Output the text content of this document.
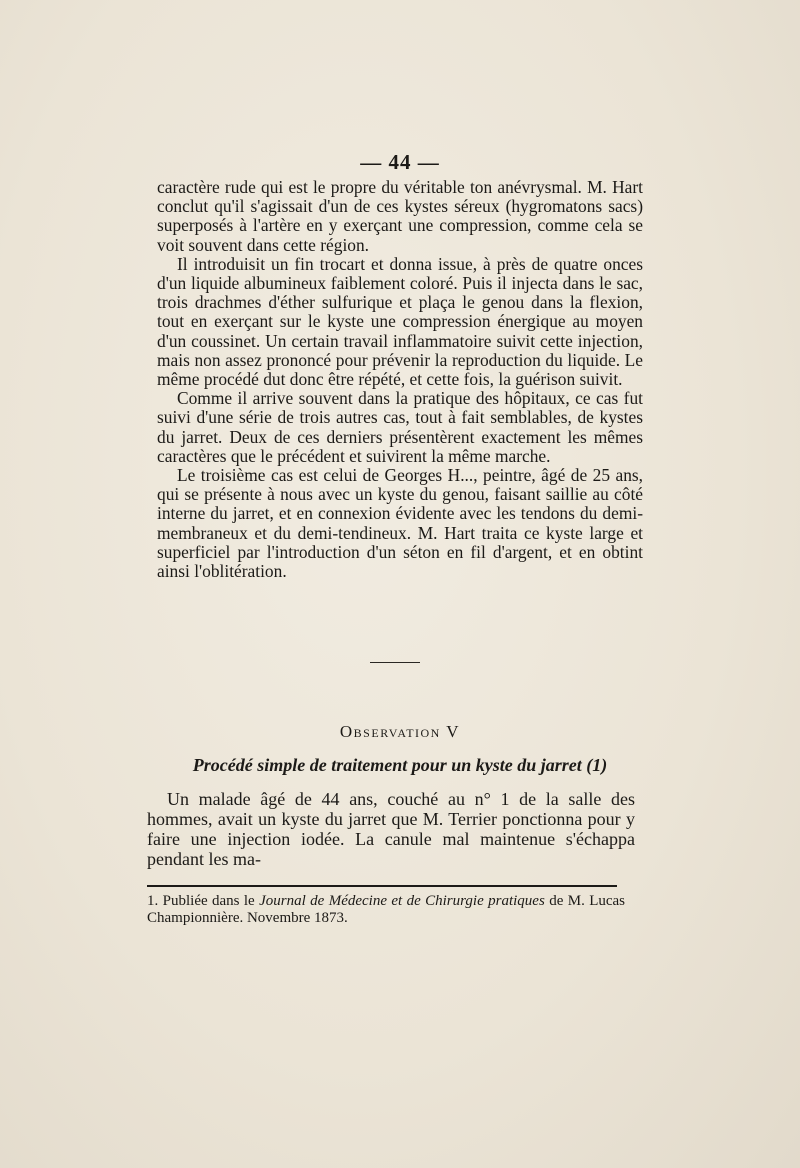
— 44 —

caractère rude qui est le propre du véritable ton anévrysmal. M. Hart conclut qu'il s'agissait d'un de ces kystes séreux (hygromatons sacs) superposés à l'artère en y exerçant une compression, comme cela se voit souvent dans cette région.

Il introduisit un fin trocart et donna issue, à près de quatre onces d'un liquide albumineux faiblement coloré. Puis il injecta dans le sac, trois drachmes d'éther sulfurique et plaça le genou dans la flexion, tout en exerçant sur le kyste une compression énergique au moyen d'un coussinet. Un certain travail inflammatoire suivit cette injection, mais non assez prononcé pour prévenir la reproduction du liquide. Le même procédé dut donc être répété, et cette fois, la guérison suivit.

Comme il arrive souvent dans la pratique des hôpitaux, ce cas fut suivi d'une série de trois autres cas, tout à fait semblables, de kystes du jarret. Deux de ces derniers présentèrent exactement les mêmes caractères que le précédent et suivirent la même marche.

Le troisième cas est celui de Georges H..., peintre, âgé de 25 ans, qui se présente à nous avec un kyste du genou, faisant saillie au côté interne du jarret, et en connexion évidente avec les tendons du demi-membraneux et du demi-tendineux. M. Hart traita ce kyste large et superficiel par l'introduction d'un séton en fil d'argent, et en obtint ainsi l'oblitération.

Observation V
Procédé simple de traitement pour un kyste du jarret (1)

Un malade âgé de 44 ans, couché au n° 1 de la salle des hommes, avait un kyste du jarret que M. Terrier ponctionna pour y faire une injection iodée. La canule mal maintenue s'échappa pendant les ma-

1. Publiée dans le Journal de Médecine et de Chirurgie pratiques de M. Lucas Championnière. Novembre 1873.
